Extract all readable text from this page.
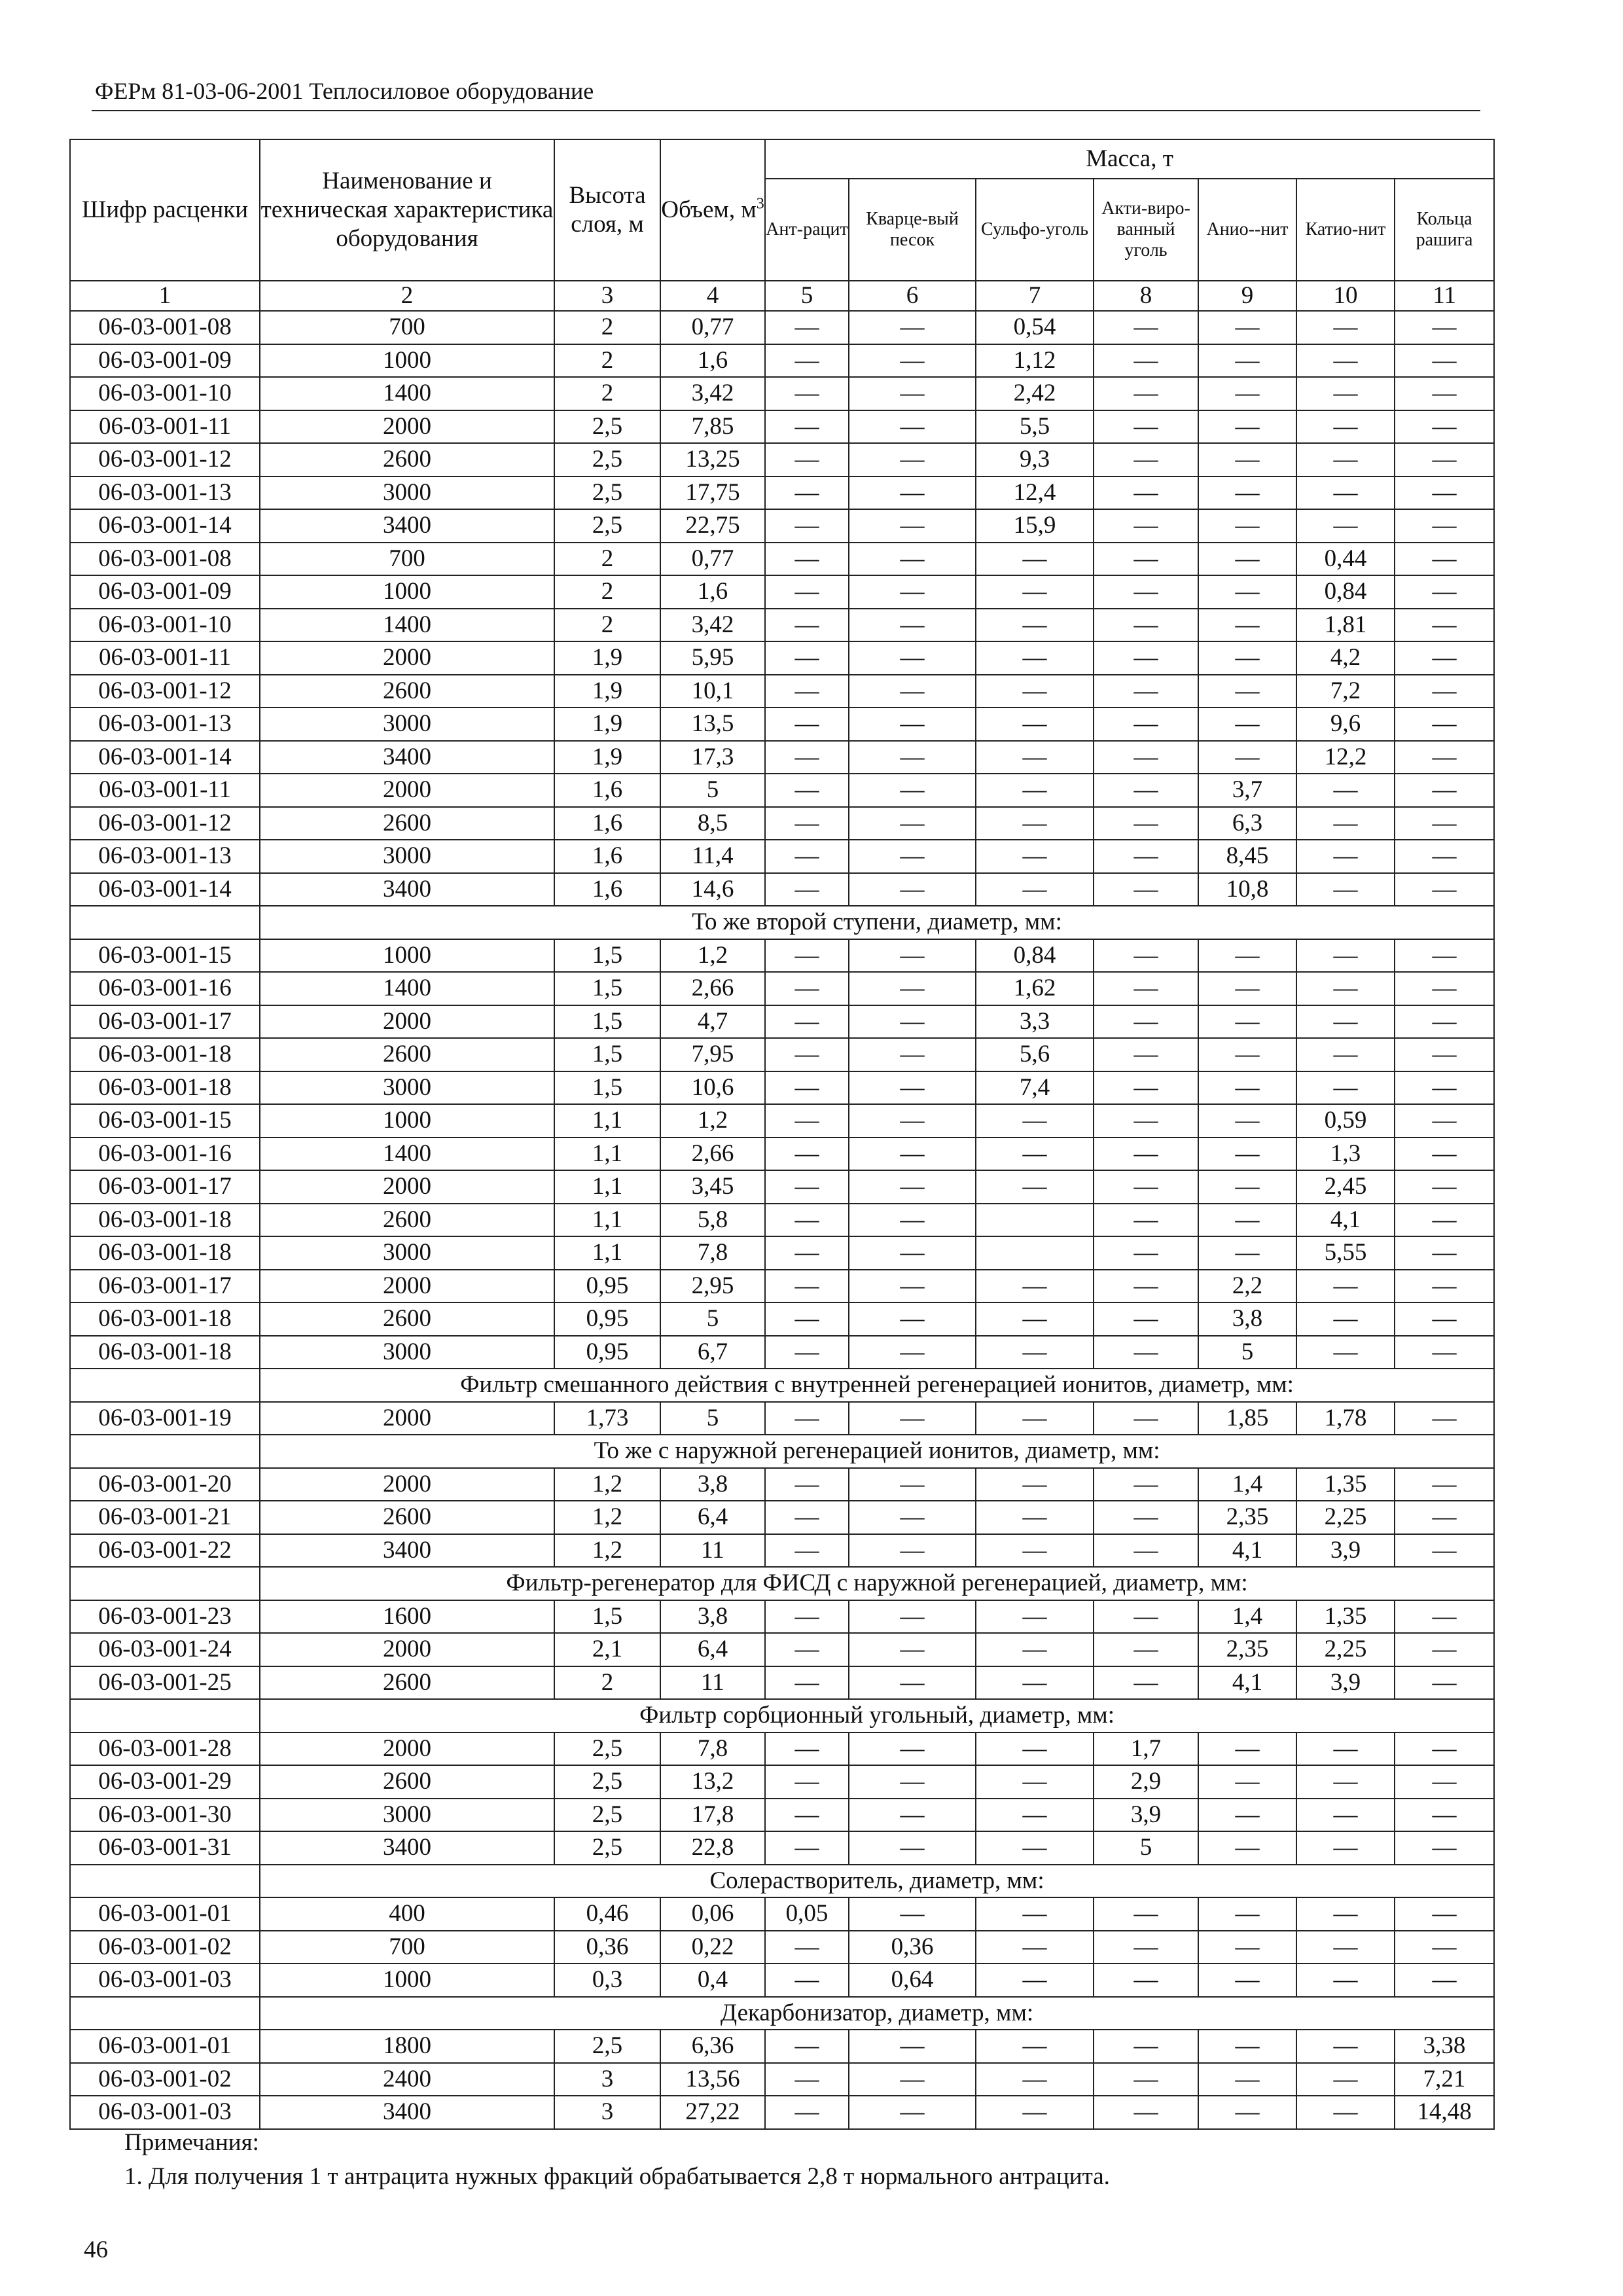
ФЕРм 81-03-06-2001 Теплосиловое оборудование
Шифр расценки	Наименование и техническая характеристика оборудования	Высота слоя, м	Объем, $м^3$	Масса, т						
				Ант-рацит	Кварце-вый песок	Сульфо-уголь	Акти-виро-ванный уголь	Анио--нит	Катио-нит	Кольца рашига
1	2	3	4	5	6	7	8	9	10	11
06-03-001-08	700	2	0,77	—	—	0,54	—	—	—	—
06-03-001-09	1000	2	1,6	—	—	1,12	—	—	—	—
06-03-001-10	1400	2	3,42	—	—	2,42	—	—	—	—
06-03-001-11	2000	2,5	7,85	—	—	5,5	—	—	—	—
06-03-001-12	2600	2,5	13,25	—	—	9,3	—	—	—	—
06-03-001-13	3000	2,5	17,75	—	—	12,4	—	—	—	—
06-03-001-14	3400	2,5	22,75	—	—	15,9	—	—	—	—
06-03-001-08	700	2	0,77	—	—	—	—	—	0,44	—
06-03-001-09	1000	2	1,6	—	—	—	—	—	0,84	—
06-03-001-10	1400	2	3,42	—	—	—	—	—	1,81	—
06-03-001-11	2000	1,9	5,95	—	—	—	—	—	4,2	—
06-03-001-12	2600	1,9	10,1	—	—	—	—	—	7,2	—
06-03-001-13	3000	1,9	13,5	—	—	—	—	—	9,6	—
06-03-001-14	3400	1,9	17,3	—	—	—	—	—	12,2	—
06-03-001-11	2000	1,6	5	—	—	—	—	3,7	—	—
06-03-001-12	2600	1,6	8,5	—	—	—	—	6,3	—	—
06-03-001-13	3000	1,6	11,4	—	—	—	—	8,45	—	—
06-03-001-14	3400	1,6	14,6	—	—	—	—	10,8	—	—
	То же второй ступени, диаметр, мм:									
06-03-001-15	1000	1,5	1,2	—	—	0,84	—	—	—	—
06-03-001-16	1400	1,5	2,66	—	—	1,62	—	—	—	—
06-03-001-17	2000	1,5	4,7	—	—	3,3	—	—	—	—
06-03-001-18	2600	1,5	7,95	—	—	5,6	—	—	—	—
06-03-001-18	3000	1,5	10,6	—	—	7,4	—	—	—	—
06-03-001-15	1000	1,1	1,2	—	—	—	—	—	0,59	—
06-03-001-16	1400	1,1	2,66	—	—	—	—	—	1,3	—
06-03-001-17	2000	1,1	3,45	—	—	—	—	—	2,45	—
06-03-001-18	2600	1,1	5,8	—	—		—	—	4,1	—
06-03-001-18	3000	1,1	7,8	—	—		—	—	5,55	—
06-03-001-17	2000	0,95	2,95	—	—	—	—	2,2	—	—
06-03-001-18	2600	0,95	5	—	—	—	—	3,8	—	—
06-03-001-18	3000	0,95	6,7	—	—	—	—	5	—	—
	Фильтр смешанного действия с внутренней регенерацией ионитов, диаметр, мм:									
06-03-001-19	2000	1,73	5	—	—	—	—	1,85	1,78	—
	То же с наружной регенерацией ионитов, диаметр, мм:									
06-03-001-20	2000	1,2	3,8	—	—	—	—	1,4	1,35	—
06-03-001-21	2600	1,2	6,4	—	—	—	—	2,35	2,25	—
06-03-001-22	3400	1,2	11	—	—	—	—	4,1	3,9	—
	Фильтр-регенератор для ФИСД с наружной регенерацией, диаметр, мм:									
06-03-001-23	1600	1,5	3,8	—	—	—	—	1,4	1,35	—
06-03-001-24	2000	2,1	6,4	—	—	—	—	2,35	2,25	—
06-03-001-25	2600	2	11	—	—	—	—	4,1	3,9	—
	Фильтр сорбционный угольный, диаметр, мм:									
06-03-001-28	2000	2,5	7,8	—	—	—	1,7	—	—	—
06-03-001-29	2600	2,5	13,2	—	—	—	2,9	—	—	—
06-03-001-30	3000	2,5	17,8	—	—	—	3,9	—	—	—
06-03-001-31	3400	2,5	22,8	—	—	—	5	—	—	—
	Солерастворитель, диаметр, мм:									
06-03-001-01	400	0,46	0,06	0,05	—	—	—	—	—	—
06-03-001-02	700	0,36	0,22	—	0,36	—	—	—	—	—
06-03-001-03	1000	0,3	0,4	—	0,64	—	—	—	—	—
	Декарбонизатор, диаметр, мм:									
06-03-001-01	1800	2,5	6,36	—	—	—	—	—	—	3,38
06-03-001-02	2400	3	13,56	—	—	—	—	—	—	7,21
06-03-001-03	3400	3	27,22	—	—	—	—	—	—	14,48
Примечания:
1. Для получения 1 т антрацита нужных фракций обрабатывается 2,8 т нормального антрацита.
46
